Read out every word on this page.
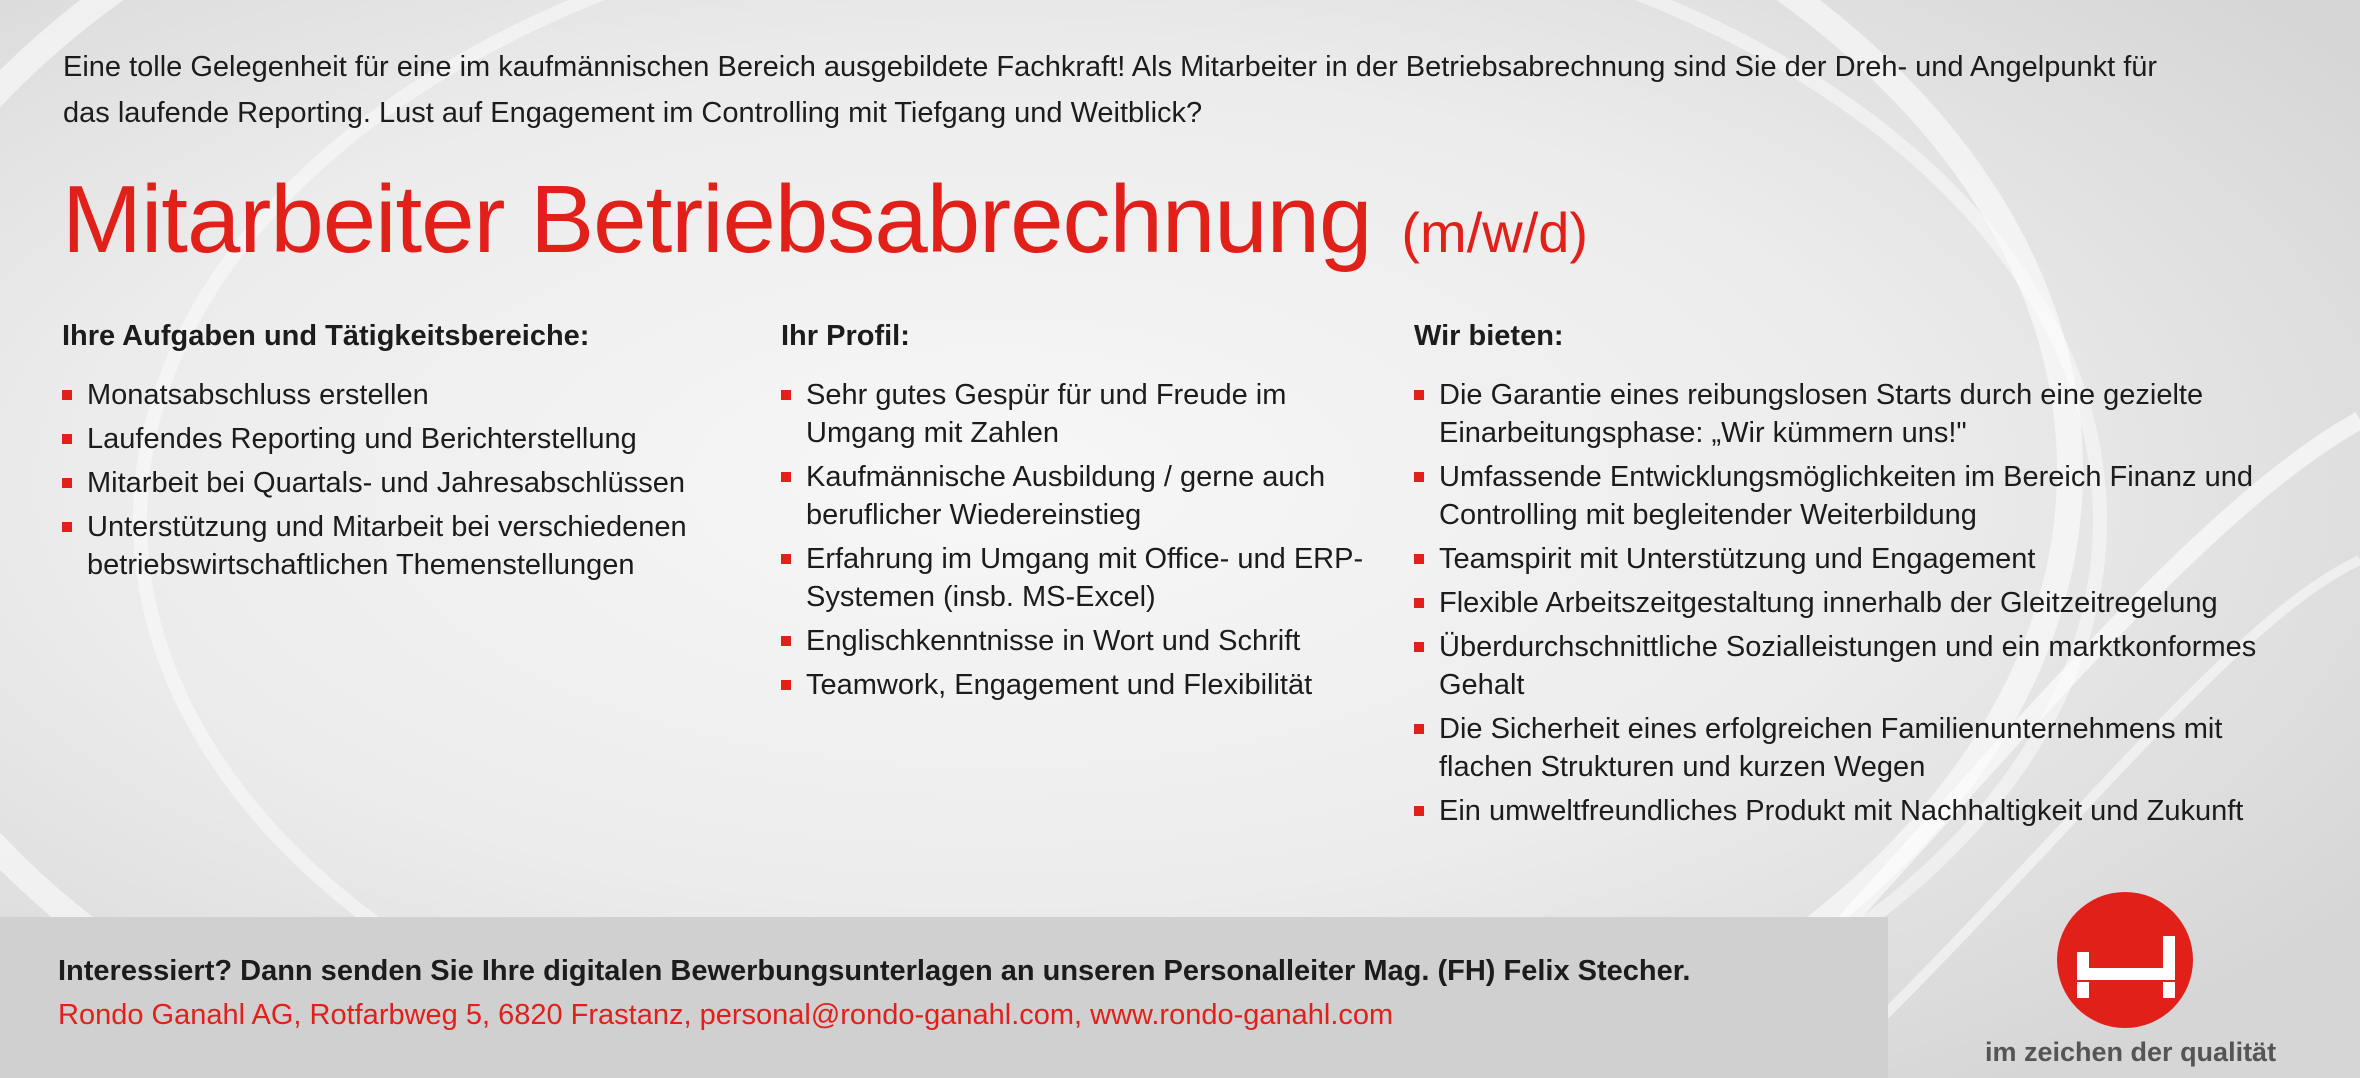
Eine tolle Gelegenheit für eine im kaufmännischen Bereich ausgebildete Fachkraft! Als Mitarbeiter in der Betriebsabrechnung sind Sie der Dreh- und Angelpunkt für das laufende Reporting. Lust auf Engagement im Controlling mit Tiefgang und Weitblick?

Mitarbeiter Betriebsabrechnung (m/w/d)
Ihre Aufgaben und Tätigkeitsbereiche:
Monatsabschluss erstellen
Laufendes Reporting und Berichterstellung
Mitarbeit bei Quartals- und Jahresabschlüssen
Unterstützung und Mitarbeit bei verschiedenen betriebswirtschaftlichen Themenstellungen
Ihr Profil:
Sehr gutes Gespür für und Freude im Umgang mit Zahlen
Kaufmännische Ausbildung / gerne auch beruflicher Wiedereinstieg
Erfahrung im Umgang mit Office- und ERP-Systemen (insb. MS-Excel)
Englischkenntnisse in Wort und Schrift
Teamwork, Engagement und Flexibilität
Wir bieten:
Die Garantie eines reibungslosen Starts durch eine gezielte Einarbeitungsphase: „Wir kümmern uns!"
Umfassende Entwicklungsmöglichkeiten im Bereich Finanz und Controlling mit begleitender Weiterbildung
Teamspirit mit Unterstützung und Engagement
Flexible Arbeitszeitgestaltung innerhalb der Gleitzeitregelung
Überdurchschnittliche Sozialleistungen und ein marktkonformes Gehalt
Die Sicherheit eines erfolgreichen Familienunternehmens mit flachen Strukturen und kurzen Wegen
Ein umweltfreundliches Produkt mit Nachhaltigkeit und Zukunft

Interessiert? Dann senden Sie Ihre digitalen Bewerbungsunterlagen an unseren Personalleiter Mag. (FH) Felix Stecher.

Rondo Ganahl AG, Rotfarbweg 5, 6820 Frastanz, personal@rondo-ganahl.com, www.rondo-ganahl.com

im zeichen der qualität
